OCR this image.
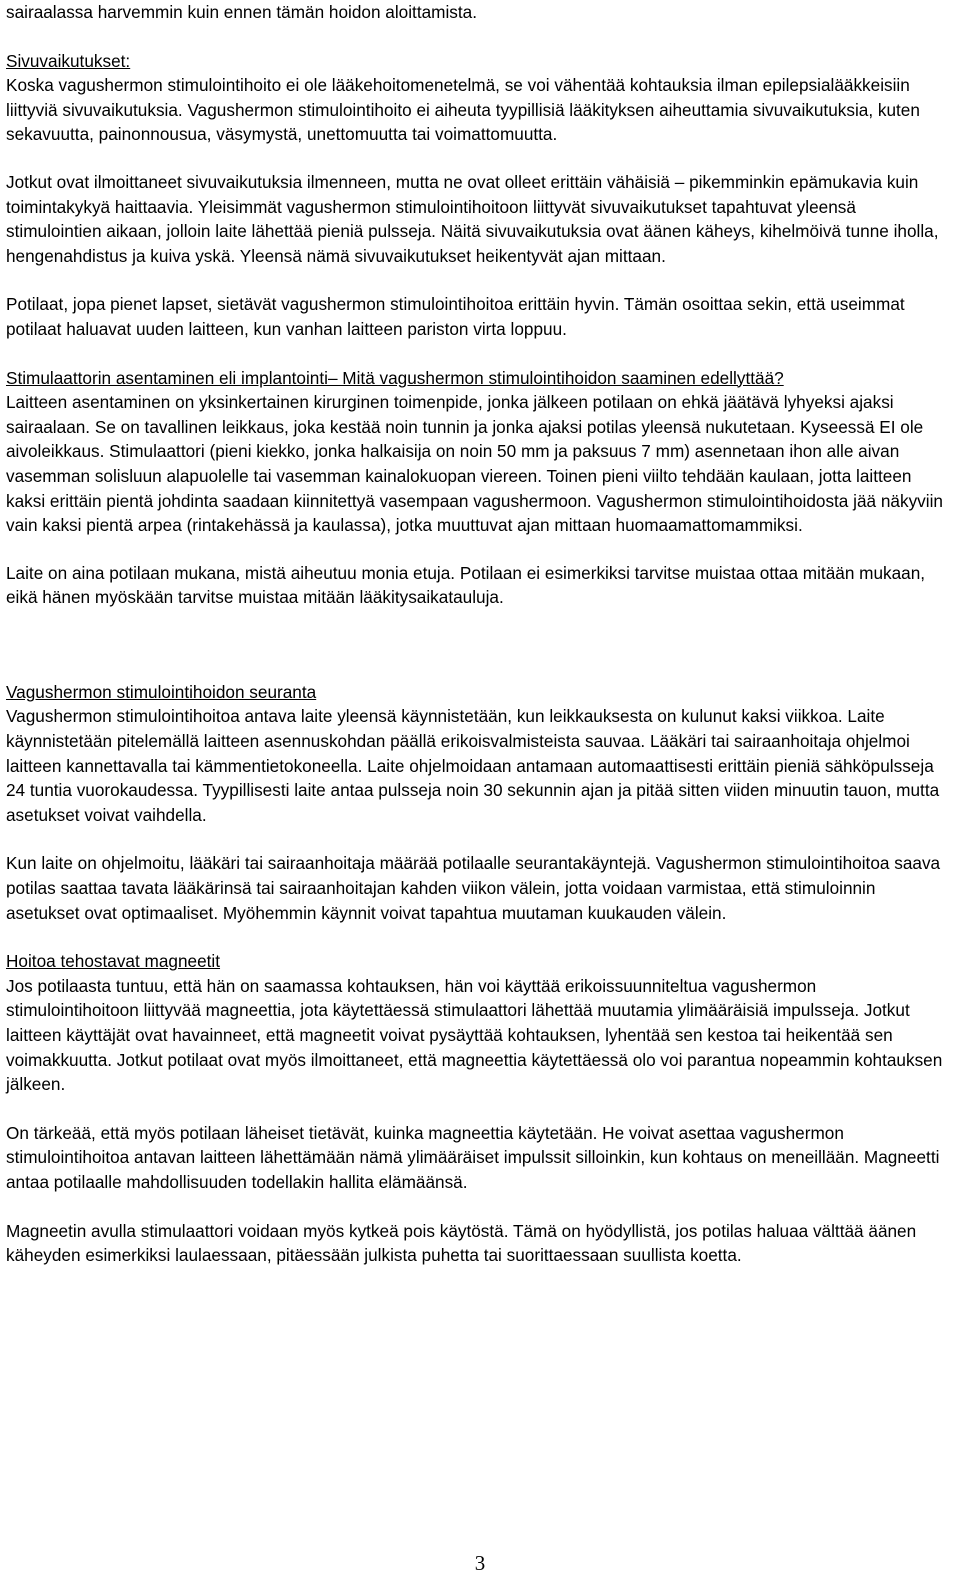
sairaalassa harvemmin kuin ennen tämän hoidon aloittamista.

Sivuvaikutukset:

Koska vagushermon stimulointihoito ei ole lääkehoitomenetelmä, se voi vähentää kohtauksia ilman epilepsialääkkeisiin liittyviä sivuvaikutuksia. Vagushermon stimulointihoito ei aiheuta tyypillisiä lääkityksen aiheuttamia sivuvaikutuksia, kuten sekavuutta, painonnousua, väsymystä, unettomuutta tai voimattomuutta.

Jotkut ovat ilmoittaneet sivuvaikutuksia ilmenneen, mutta ne ovat olleet erittäin vähäisiä – pikemminkin epämukavia kuin toimintakykyä haittaavia. Yleisimmät vagushermon stimulointihoitoon liittyvät sivuvaikutukset tapahtuvat yleensä stimulointien aikaan, jolloin laite lähettää pieniä pulsseja. Näitä sivuvaikutuksia ovat äänen käheys, kihelmöivä tunne iholla, hengenahdistus ja kuiva yskä. Yleensä nämä sivuvaikutukset heikentyvät ajan mittaan.

Potilaat, jopa pienet lapset, sietävät vagushermon stimulointihoitoa erittäin hyvin. Tämän osoittaa sekin, että useimmat potilaat haluavat uuden laitteen, kun vanhan laitteen pariston virta loppuu.

Stimulaattorin asentaminen eli implantointi– Mitä vagushermon stimulointihoidon saaminen edellyttää?

Laitteen asentaminen on yksinkertainen kirurginen toimenpide, jonka jälkeen potilaan on ehkä jäätävä lyhyeksi ajaksi sairaalaan. Se on tavallinen leikkaus, joka kestää noin tunnin ja jonka ajaksi potilas yleensä nukutetaan. Kyseessä EI ole aivoleikkaus. Stimulaattori (pieni kiekko, jonka halkaisija on noin 50 mm ja paksuus 7 mm) asennetaan ihon alle aivan vasemman solisluun alapuolelle tai vasemman kainalokuopan viereen. Toinen pieni viilto tehdään kaulaan, jotta laitteen kaksi erittäin pientä johdinta saadaan kiinnitettyä vasempaan vagushermoon. Vagushermon stimulointihoidosta jää näkyviin vain kaksi pientä arpea (rintakehässä ja kaulassa), jotka muuttuvat ajan mittaan huomaamattomammiksi.

Laite on aina potilaan mukana, mistä aiheutuu monia etuja. Potilaan ei esimerkiksi tarvitse muistaa ottaa mitään mukaan, eikä hänen myöskään tarvitse muistaa mitään lääkitysaikatauluja.

Vagushermon stimulointihoidon seuranta

Vagushermon stimulointihoitoa antava laite yleensä käynnistetään, kun leikkauksesta on kulunut kaksi viikkoa. Laite käynnistetään pitelemällä laitteen asennuskohdan päällä erikoisvalmisteista sauvaa. Lääkäri tai sairaanhoitaja ohjelmoi laitteen kannettavalla tai kämmentietokoneella. Laite ohjelmoidaan antamaan automaattisesti erittäin pieniä sähköpulsseja 24 tuntia vuorokaudessa. Tyypillisesti laite antaa pulsseja noin 30 sekunnin ajan ja pitää sitten viiden minuutin tauon, mutta asetukset voivat vaihdella.

Kun laite on ohjelmoitu, lääkäri tai sairaanhoitaja määrää potilaalle seurantakäyntejä. Vagushermon stimulointihoitoa saava potilas saattaa tavata lääkärinsä tai sairaanhoitajan kahden viikon välein, jotta voidaan varmistaa, että stimuloinnin asetukset ovat optimaaliset. Myöhemmin käynnit voivat tapahtua muutaman kuukauden välein.

Hoitoa tehostavat magneetit

Jos potilaasta tuntuu, että hän on saamassa kohtauksen, hän voi käyttää erikoissuunniteltua vagushermon stimulointihoitoon liittyvää magneettia, jota käytettäessä stimulaattori lähettää muutamia ylimääräisiä impulsseja. Jotkut laitteen käyttäjät ovat havainneet, että magneetit voivat pysäyttää kohtauksen, lyhentää sen kestoa tai heikentää sen voimakkuutta. Jotkut potilaat ovat myös ilmoittaneet, että magneettia käytettäessä olo voi parantua nopeammin kohtauksen jälkeen.

On tärkeää, että myös potilaan läheiset tietävät, kuinka magneettia käytetään. He voivat asettaa vagushermon stimulointihoitoa antavan laitteen lähettämään nämä ylimääräiset impulssit silloinkin, kun kohtaus on meneillään. Magneetti antaa potilaalle mahdollisuuden todellakin hallita elämäänsä.

Magneetin avulla stimulaattori voidaan myös kytkeä pois käytöstä. Tämä on hyödyllistä, jos potilas haluaa välttää äänen käheyden esimerkiksi laulaessaan, pitäessään julkista puhetta tai suorittaessaan suullista koetta.

3
